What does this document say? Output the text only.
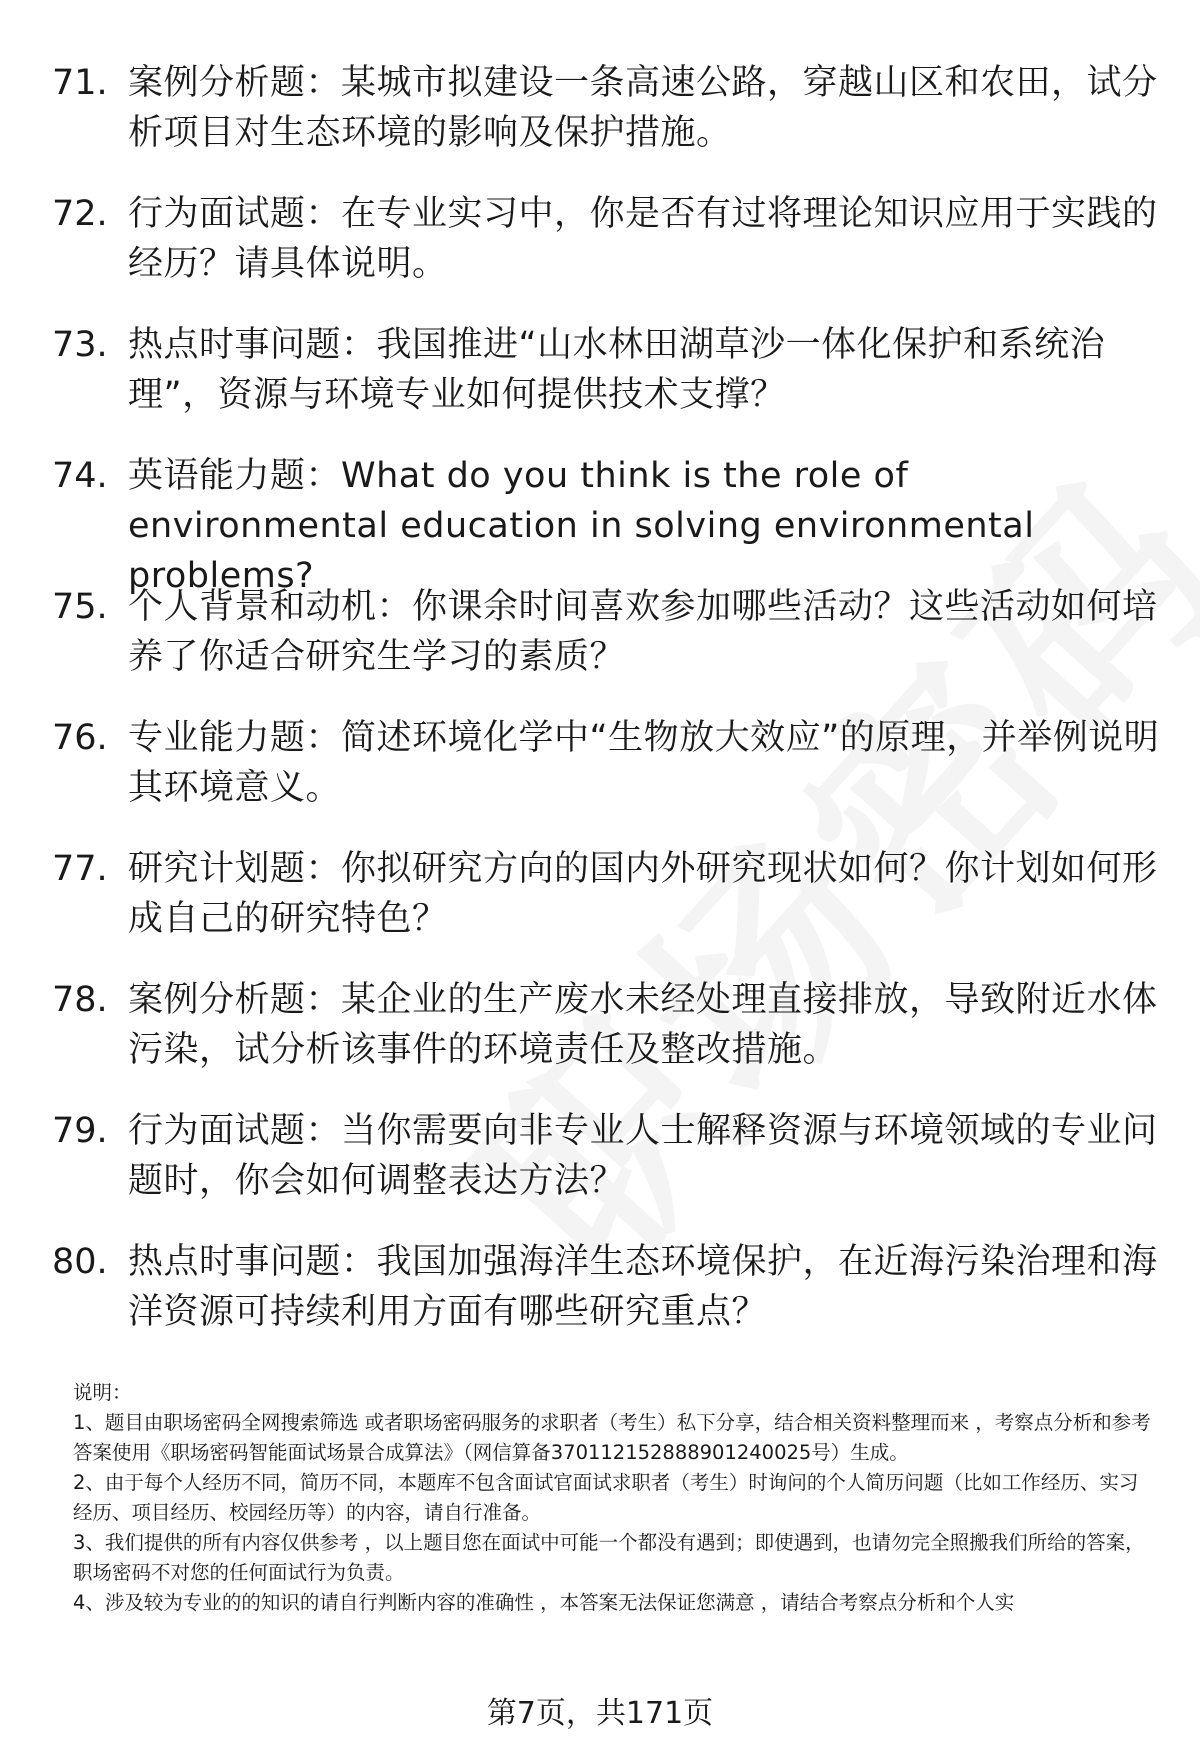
71. 案例分析题：某城市拟建设一条高速公路，穿越山区和农田，试分析项目对生态环境的影响及保护措施。
72. 行为面试题：在专业实习中，你是否有过将理论知识应用于实践的经历？请具体说明。
73. 热点时事问题：我国推进“山水林田湖草沙一体化保护和系统治理”，资源与环境专业如何提供技术支撑？
74. 英语能力题：What do you think is the role of environmental education in solving environmental problems?
75. 个人背景和动机：你课余时间喜欢参加哪些活动？这些活动如何培养了你适合研究生学习的素质？
76. 专业能力题：简述环境化学中“生物放大效应”的原理，并举例说明其环境意义。
77. 研究计划题：你拟研究方向的国内外研究现状如何？你计划如何形成自己的研究特色？
78. 案例分析题：某企业的生产废水未经处理直接排放，导致附近水体污染，试分析该事件的环境责任及整改措施。
79. 行为面试题：当你需要向非专业人士解释资源与环境领域的专业问题时，你会如何调整表达方法？
80. 热点时事问题：我国加强海洋生态环境保护，在近海污染治理和海洋资源可持续利用方面有哪些研究重点？

说明：

1、题目由职场密码全网搜索筛选 或者职场密码服务的求职者（考生）私下分享，结合相关资料整理而来 ，考察点分析和参考答案使用《职场密码智能面试场景合成算法》（网信算备370112152888901240025号）生成。

2、由于每个人经历不同，简历不同，本题库不包含面试官面试求职者（考生）时询问的个人简历问题（比如工作经历、实习经历、项目经历、校园经历等）的内容，请自行准备。

3、我们提供的所有内容仅供参考 ，以上题目您在面试中可能一个都没有遇到；即使遇到，也请勿完全照搬我们所给的答案，职场密码不对您的任何面试行为负责。

4、涉及较为专业的的知识的请自行判断内容的准确性 ，本答案无法保证您满意 ，请结合考察点分析和个人实

第7页，共171页
